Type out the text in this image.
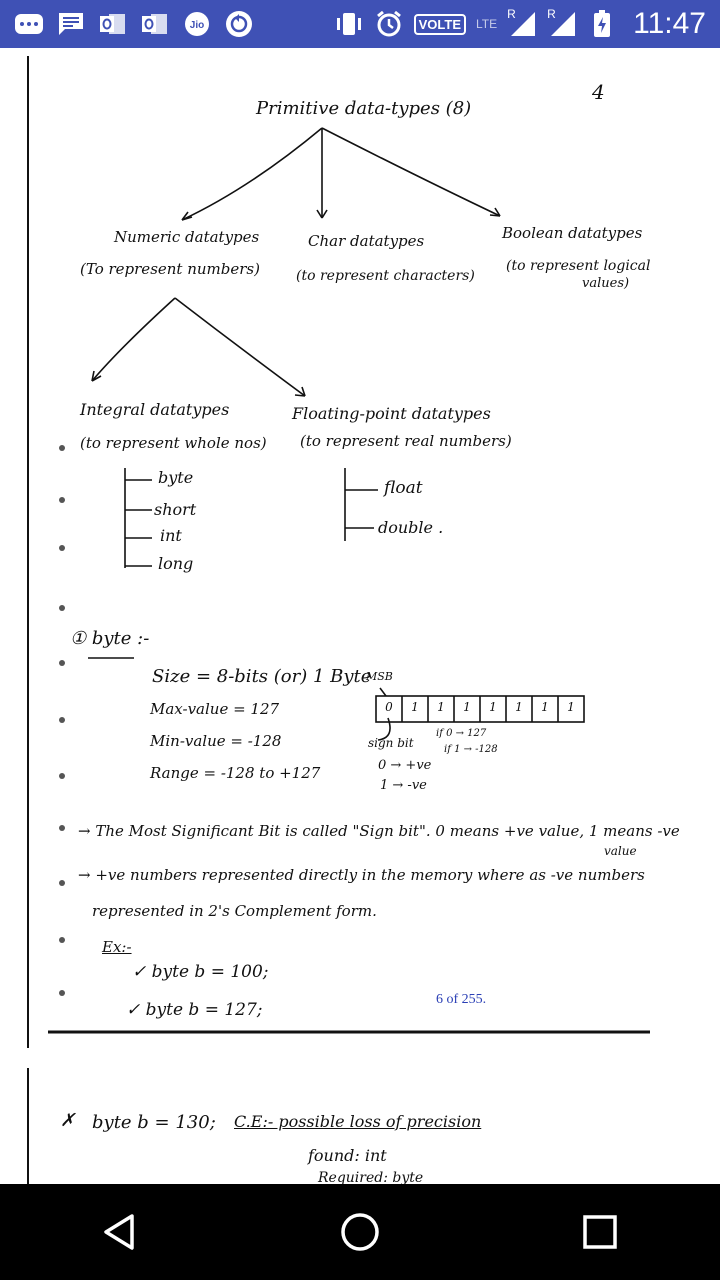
Jio	VOLTE	LTE
R	R	11:47
4
Primitive data-types (8)
Numeric datatypes
(To represent numbers)
Char datatypes
(to represent characters)
Boolean datatypes
(to represent logical
values)
Integral datatypes
(to represent whole nos)
Floating-point datatypes
(to represent real numbers)
byte
short
int
long
float
double .
① byte :-
Size = 8-bits (or) 1 Byte
Max-value = 127
Min-value = -128
Range = -128 to +127
MSB
0	1	1	1	1	1	1	1
sign bit
if 0 → 127
if 1 → -128
0 → +ve
1 → -ve
→ The Most Significant Bit is called "Sign bit". 0 means +ve value, 1 means -ve
value
→ +ve numbers represented directly in the memory where as -ve numbers
represented in 2's Complement form.
Ex:-
✓ byte b = 100;
✓ byte b = 127;
6 of 255.
✗ byte b = 130; C.E:- possible loss of precision
found: int
Required: byte
